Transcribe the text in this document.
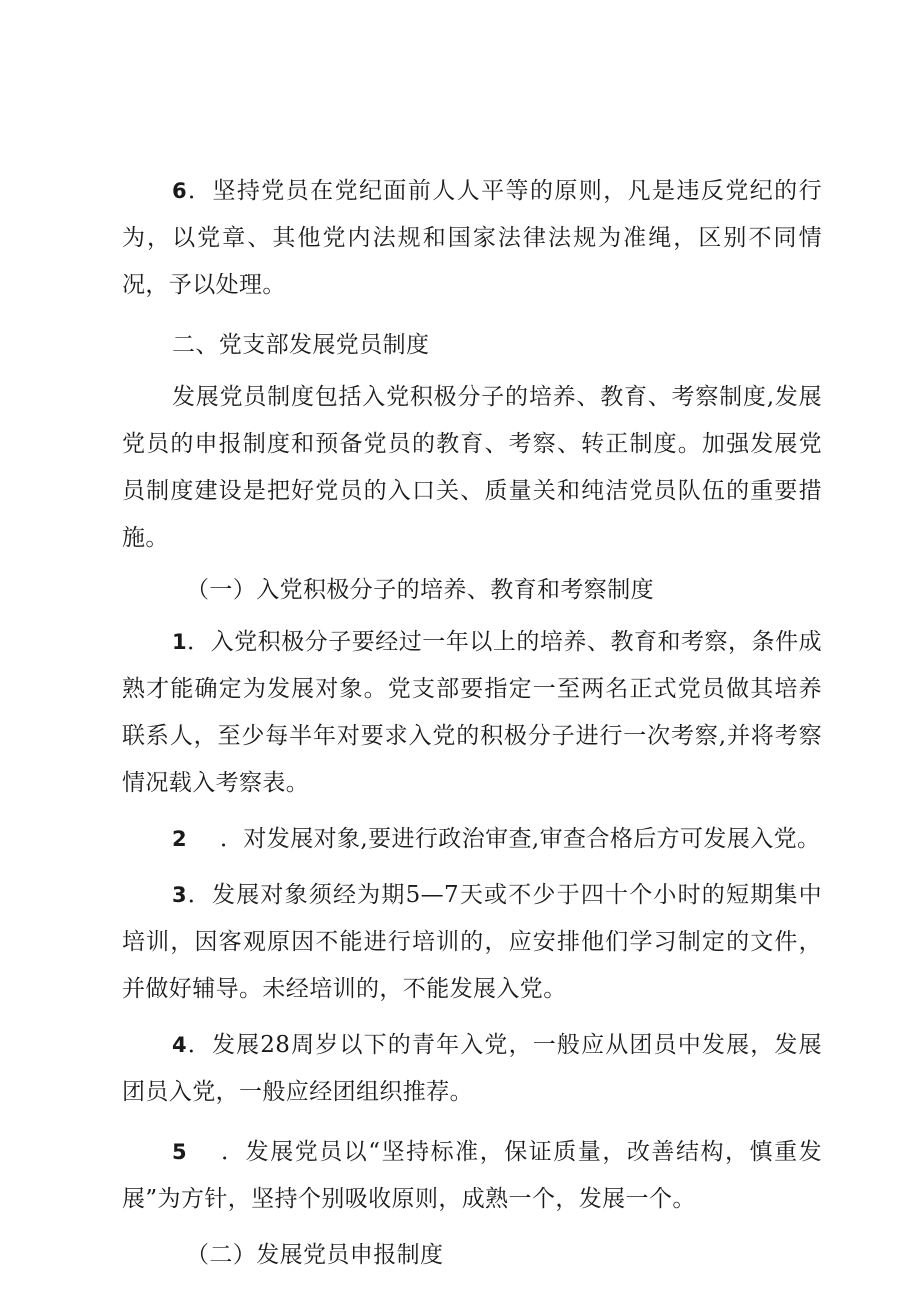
6．坚持党员在党纪面前人人平等的原则，凡是违反党纪的行为，以党章、其他党内法规和国家法律法规为准绳，区别不同情况，予以处理。

二、党支部发展党员制度

发展党员制度包括入党积极分子的培养、教育、考察制度,发展党员的申报制度和预备党员的教育、考察、转正制度。加强发展党员制度建设是把好党员的入口关、质量关和纯洁党员队伍的重要措施。

（一）入党积极分子的培养、教育和考察制度

1．入党积极分子要经过一年以上的培养、教育和考察，条件成熟才能确定为发展对象。党支部要指定一至两名正式党员做其培养联系人，至少每半年对要求入党的积极分子进行一次考察,并将考察情况载入考察表。

2 ．对发展对象,要进行政治审查,审查合格后方可发展入党。

3．发展对象须经为期5—7天或不少于四十个小时的短期集中培训，因客观原因不能进行培训的，应安排他们学习制定的文件，并做好辅导。未经培训的，不能发展入党。

4．发展28周岁以下的青年入党，一般应从团员中发展，发展团员入党，一般应经团组织推荐。

5 ．发展党员以“坚持标准，保证质量，改善结构，慎重发展”为方针，坚持个别吸收原则，成熟一个，发展一个。

（二）发展党员申报制度
